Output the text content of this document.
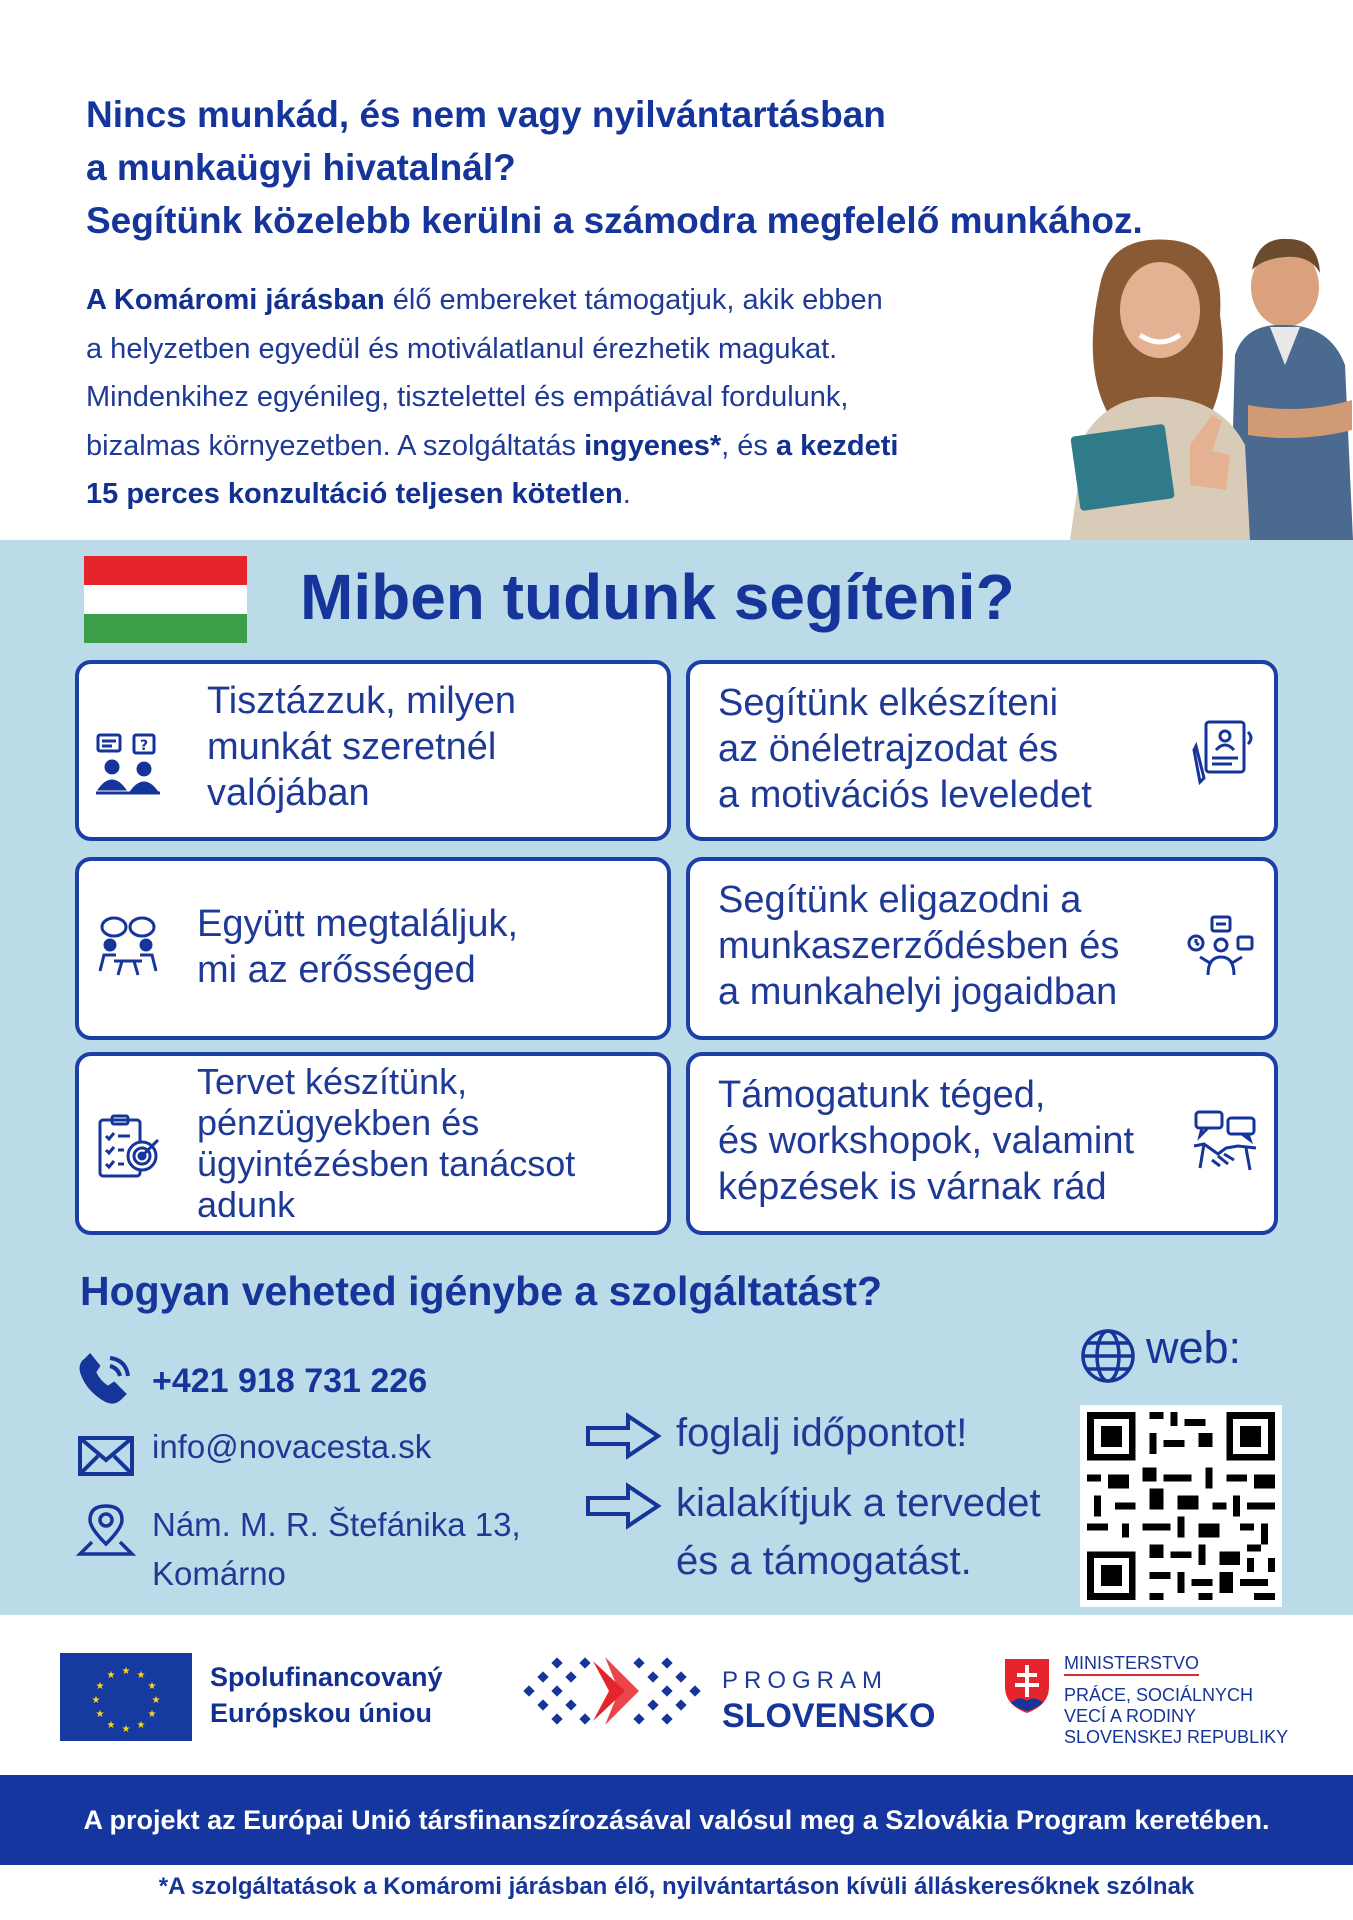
Nincs munkád, és nem vagy nyilvántartásban
a munkaügyi hivatalnál?
Segítünk közelebb kerülni a számodra megfelelő munkához.
A Komáromi járásban élő embereket támogatjuk, akik ebben
a helyzetben egyedül és motiválatlanul érezhetik magukat.
Mindenkihez egyénileg, tisztelettel és empátiával fordulunk,
bizalmas környezetben. A szolgáltatás ingyenes*, és a kezdeti
15 perces konzultáció teljesen kötetlen.
Miben tudunk segíteni?
?
Tisztázzuk, milyen
munkát szeretnél
valójában
Segítünk elkészíteni
az önéletrajzodat és
a motivációs leveledet
Együtt megtaláljuk,
mi az erősséged
Segítünk eligazodni a
munkaszerződésben és
a munkahelyi jogaidban
Tervet készítünk,
pénzügyekben és
ügyintézésben tanácsot
adunk
Támogatunk téged,
és workshopok, valamint
képzések is várnak rád
Hogyan veheted igénybe a szolgáltatást?
+421 918 731 226
info@novacesta.sk
Nám. M. R. Štefánika 13,
Komárno
foglalj időpontot!
kialakítjuk a tervedet
és a támogatást.
web:
★ ★
★
★
★
★
★
★
★
★
★
★	Spolufinancovaný
Európskou úniou
PROGRAM
SLOVENSKO
MINISTERSTVO
PRÁCE, SOCIÁLNYCH
VECÍ A RODINY
SLOVENSKEJ REPUBLIKY
A projekt az Európai Unió társfinanszírozásával valósul meg a Szlovákia Program keretében.
*A szolgáltatások a Komáromi járásban élő, nyilvántartáson kívüli álláskeresőknek szólnak
